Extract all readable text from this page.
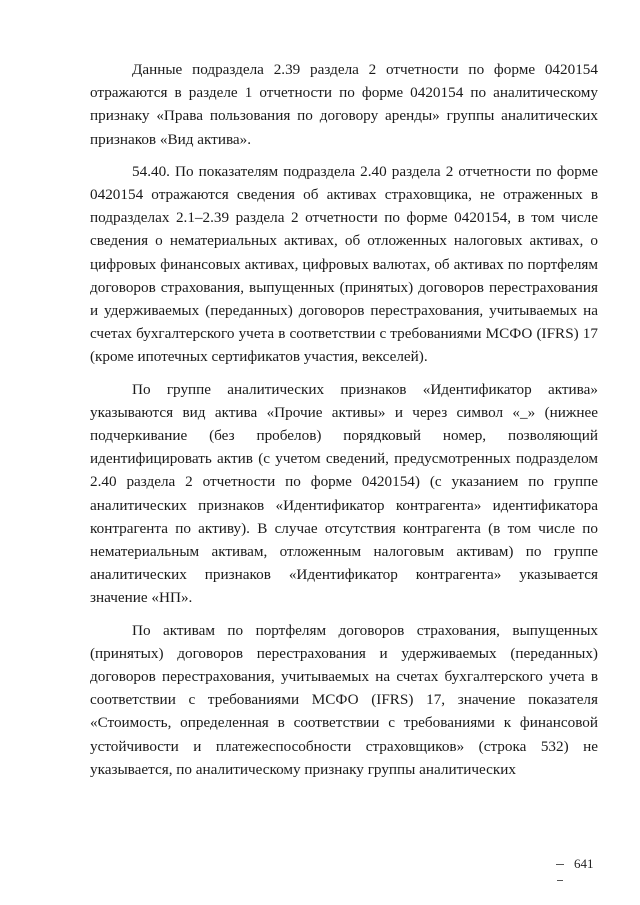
Данные подраздела 2.39 раздела 2 отчетности по форме 0420154 отражаются в разделе 1 отчетности по форме 0420154 по аналитическому признаку «Права пользования по договору аренды» группы аналитических признаков «Вид актива».

54.40. По показателям подраздела 2.40 раздела 2 отчетности по форме 0420154 отражаются сведения об активах страховщика, не отраженных в подразделах 2.1–2.39 раздела 2 отчетности по форме 0420154, в том числе сведения о нематериальных активах, об отложенных налоговых активах, о цифровых финансовых активах, цифровых валютах, об активах по портфелям договоров страхования, выпущенных (принятых) договоров перестрахования и удерживаемых (переданных) договоров перестрахования, учитываемых на счетах бухгалтерского учета в соответствии с требованиями МСФО (IFRS) 17 (кроме ипотечных сертификатов участия, векселей).

По группе аналитических признаков «Идентификатор актива» указываются вид актива «Прочие активы» и через символ «_» (нижнее подчеркивание (без пробелов) порядковый номер, позволяющий идентифицировать актив (с учетом сведений, предусмотренных подразделом 2.40 раздела 2 отчетности по форме 0420154) (с указанием по группе аналитических признаков «Идентификатор контрагента» идентификатора контрагента по активу). В случае отсутствия контрагента (в том числе по нематериальным активам, отложенным налоговым активам) по группе аналитических признаков «Идентификатор контрагента» указывается значение «НП».

По активам по портфелям договоров страхования, выпущенных (принятых) договоров перестрахования и удерживаемых (переданных) договоров перестрахования, учитываемых на счетах бухгалтерского учета в соответствии с требованиями МСФО (IFRS) 17, значение показателя «Стоимость, определенная в соответствии с требованиями к финансовой устойчивости и платежеспособности страховщиков» (строка 532) не указывается, по аналитическому признаку группы аналитических

641
